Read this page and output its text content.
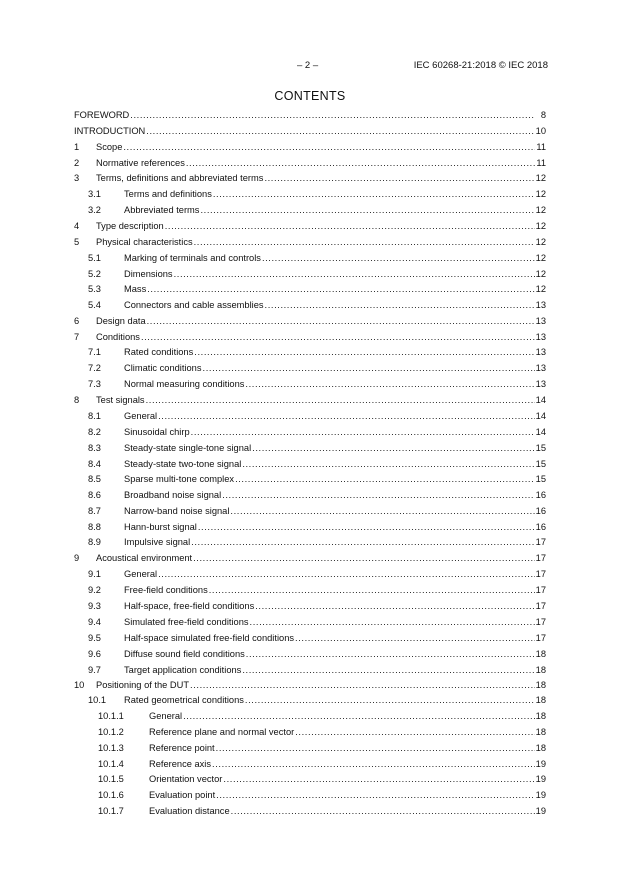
– 2 –	IEC 60268-21:2018 © IEC 2018
CONTENTS
FOREWORD .....	8
INTRODUCTION .....	10
1	Scope .....	11
2	Normative references .....	11
3	Terms, definitions and abbreviated terms .....	12
3.1	Terms and definitions .....	12
3.2	Abbreviated terms .....	12
4	Type description .....	12
5	Physical characteristics .....	12
5.1	Marking of terminals and controls .....	12
5.2	Dimensions .....	12
5.3	Mass .....	12
5.4	Connectors and cable assemblies .....	13
6	Design data .....	13
7	Conditions .....	13
7.1	Rated conditions .....	13
7.2	Climatic conditions .....	13
7.3	Normal measuring conditions .....	13
8	Test signals .....	14
8.1	General .....	14
8.2	Sinusoidal chirp .....	14
8.3	Steady-state single-tone signal .....	15
8.4	Steady-state two-tone signal .....	15
8.5	Sparse multi-tone complex .....	15
8.6	Broadband noise signal .....	16
8.7	Narrow-band noise signal .....	16
8.8	Hann-burst signal .....	16
8.9	Impulsive signal .....	17
9	Acoustical environment .....	17
9.1	General .....	17
9.2	Free-field conditions .....	17
9.3	Half-space, free-field conditions .....	17
9.4	Simulated free-field conditions .....	17
9.5	Half-space simulated free-field conditions .....	17
9.6	Diffuse sound field conditions .....	18
9.7	Target application conditions .....	18
10	Positioning of the DUT .....	18
10.1	Rated geometrical conditions .....	18
10.1.1	General .....	18
10.1.2	Reference plane and normal vector .....	18
10.1.3	Reference point .....	18
10.1.4	Reference axis .....	19
10.1.5	Orientation vector .....	19
10.1.6	Evaluation point .....	19
10.1.7	Evaluation distance .....	19
